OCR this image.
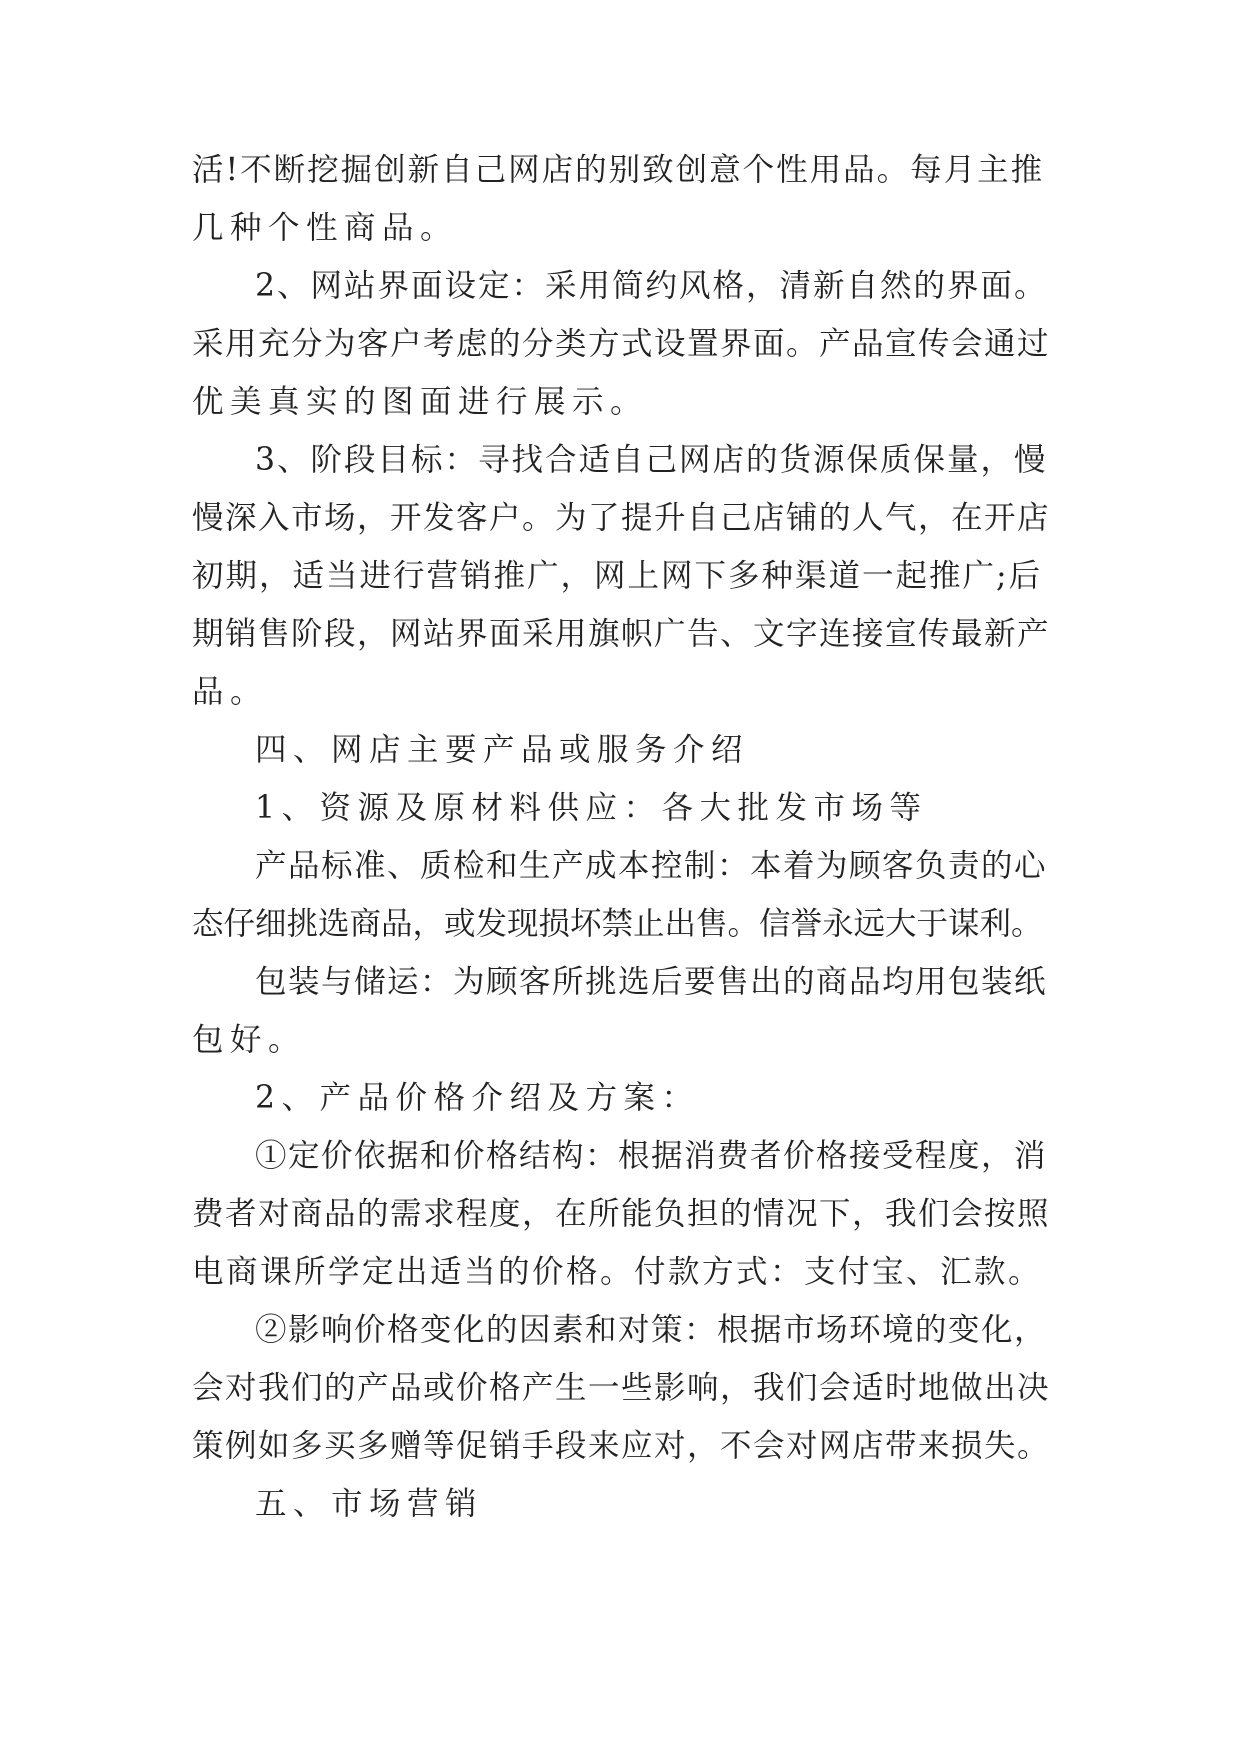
活!不断挖掘创新自己网店的别致创意个性用品。每月主推

几种个性商品。

2、网站界面设定：采用简约风格，清新自然的界面。

采用充分为客户考虑的分类方式设置界面。产品宣传会通过

优美真实的图面进行展示。

3、阶段目标：寻找合适自己网店的货源保质保量，慢

慢深入市场，开发客户。为了提升自己店铺的人气，在开店

初期，适当进行营销推广，网上网下多种渠道一起推广;后

期销售阶段，网站界面采用旗帜广告、文字连接宣传最新产

品。

四、网店主要产品或服务介绍

1、资源及原材料供应：各大批发市场等

产品标准、质检和生产成本控制：本着为顾客负责的心

态仔细挑选商品，或发现损坏禁止出售。信誉永远大于谋利。

包装与储运：为顾客所挑选后要售出的商品均用包装纸

包好。

2、产品价格介绍及方案：

①定价依据和价格结构：根据消费者价格接受程度，消

费者对商品的需求程度，在所能负担的情况下，我们会按照

电商课所学定出适当的价格。付款方式：支付宝、汇款。

②影响价格变化的因素和对策：根据市场环境的变化，

会对我们的产品或价格产生一些影响，我们会适时地做出决

策例如多买多赠等促销手段来应对，不会对网店带来损失。

五、市场营销
